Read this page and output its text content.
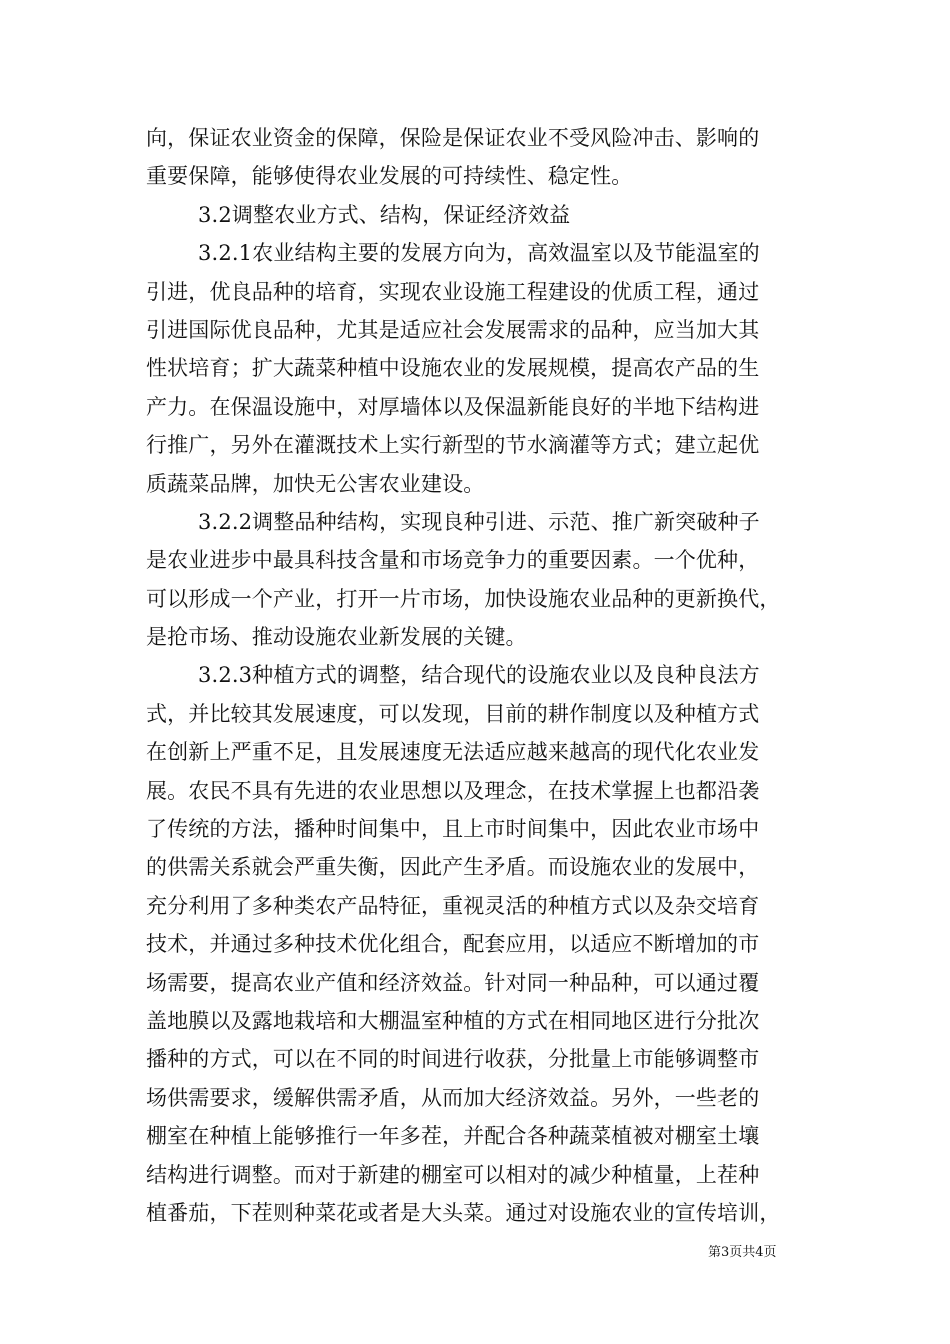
向，保证农业资金的保障，保险是保证农业不受风险冲击、影响的
重要保障，能够使得农业发展的可持续性、稳定性。
3.2调整农业方式、结构，保证经济效益
3.2.1农业结构主要的发展方向为，高效温室以及节能温室的
引进，优良品种的培育，实现农业设施工程建设的优质工程，通过
引进国际优良品种，尤其是适应社会发展需求的品种，应当加大其
性状培育；扩大蔬菜种植中设施农业的发展规模，提高农产品的生
产力。在保温设施中，对厚墙体以及保温新能良好的半地下结构进
行推广，另外在灌溉技术上实行新型的节水滴灌等方式；建立起优
质蔬菜品牌，加快无公害农业建设。
3.2.2调整品种结构，实现良种引进、示范、推广新突破种子
是农业进步中最具科技含量和市场竞争力的重要因素。一个优种，
可以形成一个产业，打开一片市场，加快设施农业品种的更新换代，
是抢市场、推动设施农业新发展的关键。
3.2.3种植方式的调整，结合现代的设施农业以及良种良法方
式，并比较其发展速度，可以发现，目前的耕作制度以及种植方式
在创新上严重不足，且发展速度无法适应越来越高的现代化农业发
展。农民不具有先进的农业思想以及理念，在技术掌握上也都沿袭
了传统的方法，播种时间集中，且上市时间集中，因此农业市场中
的供需关系就会严重失衡，因此产生矛盾。而设施农业的发展中，
充分利用了多种类农产品特征，重视灵活的种植方式以及杂交培育
技术，并通过多种技术优化组合，配套应用，以适应不断增加的市
场需要，提高农业产值和经济效益。针对同一种品种，可以通过覆
盖地膜以及露地栽培和大棚温室种植的方式在相同地区进行分批次
播种的方式，可以在不同的时间进行收获，分批量上市能够调整市
场供需要求，缓解供需矛盾，从而加大经济效益。另外，一些老的
棚室在种植上能够推行一年多茬，并配合各种蔬菜植被对棚室土壤
结构进行调整。而对于新建的棚室可以相对的减少种植量，上茬种
植番茄，下茬则种菜花或者是大头菜。通过对设施农业的宣传培训，
第3页共4页
